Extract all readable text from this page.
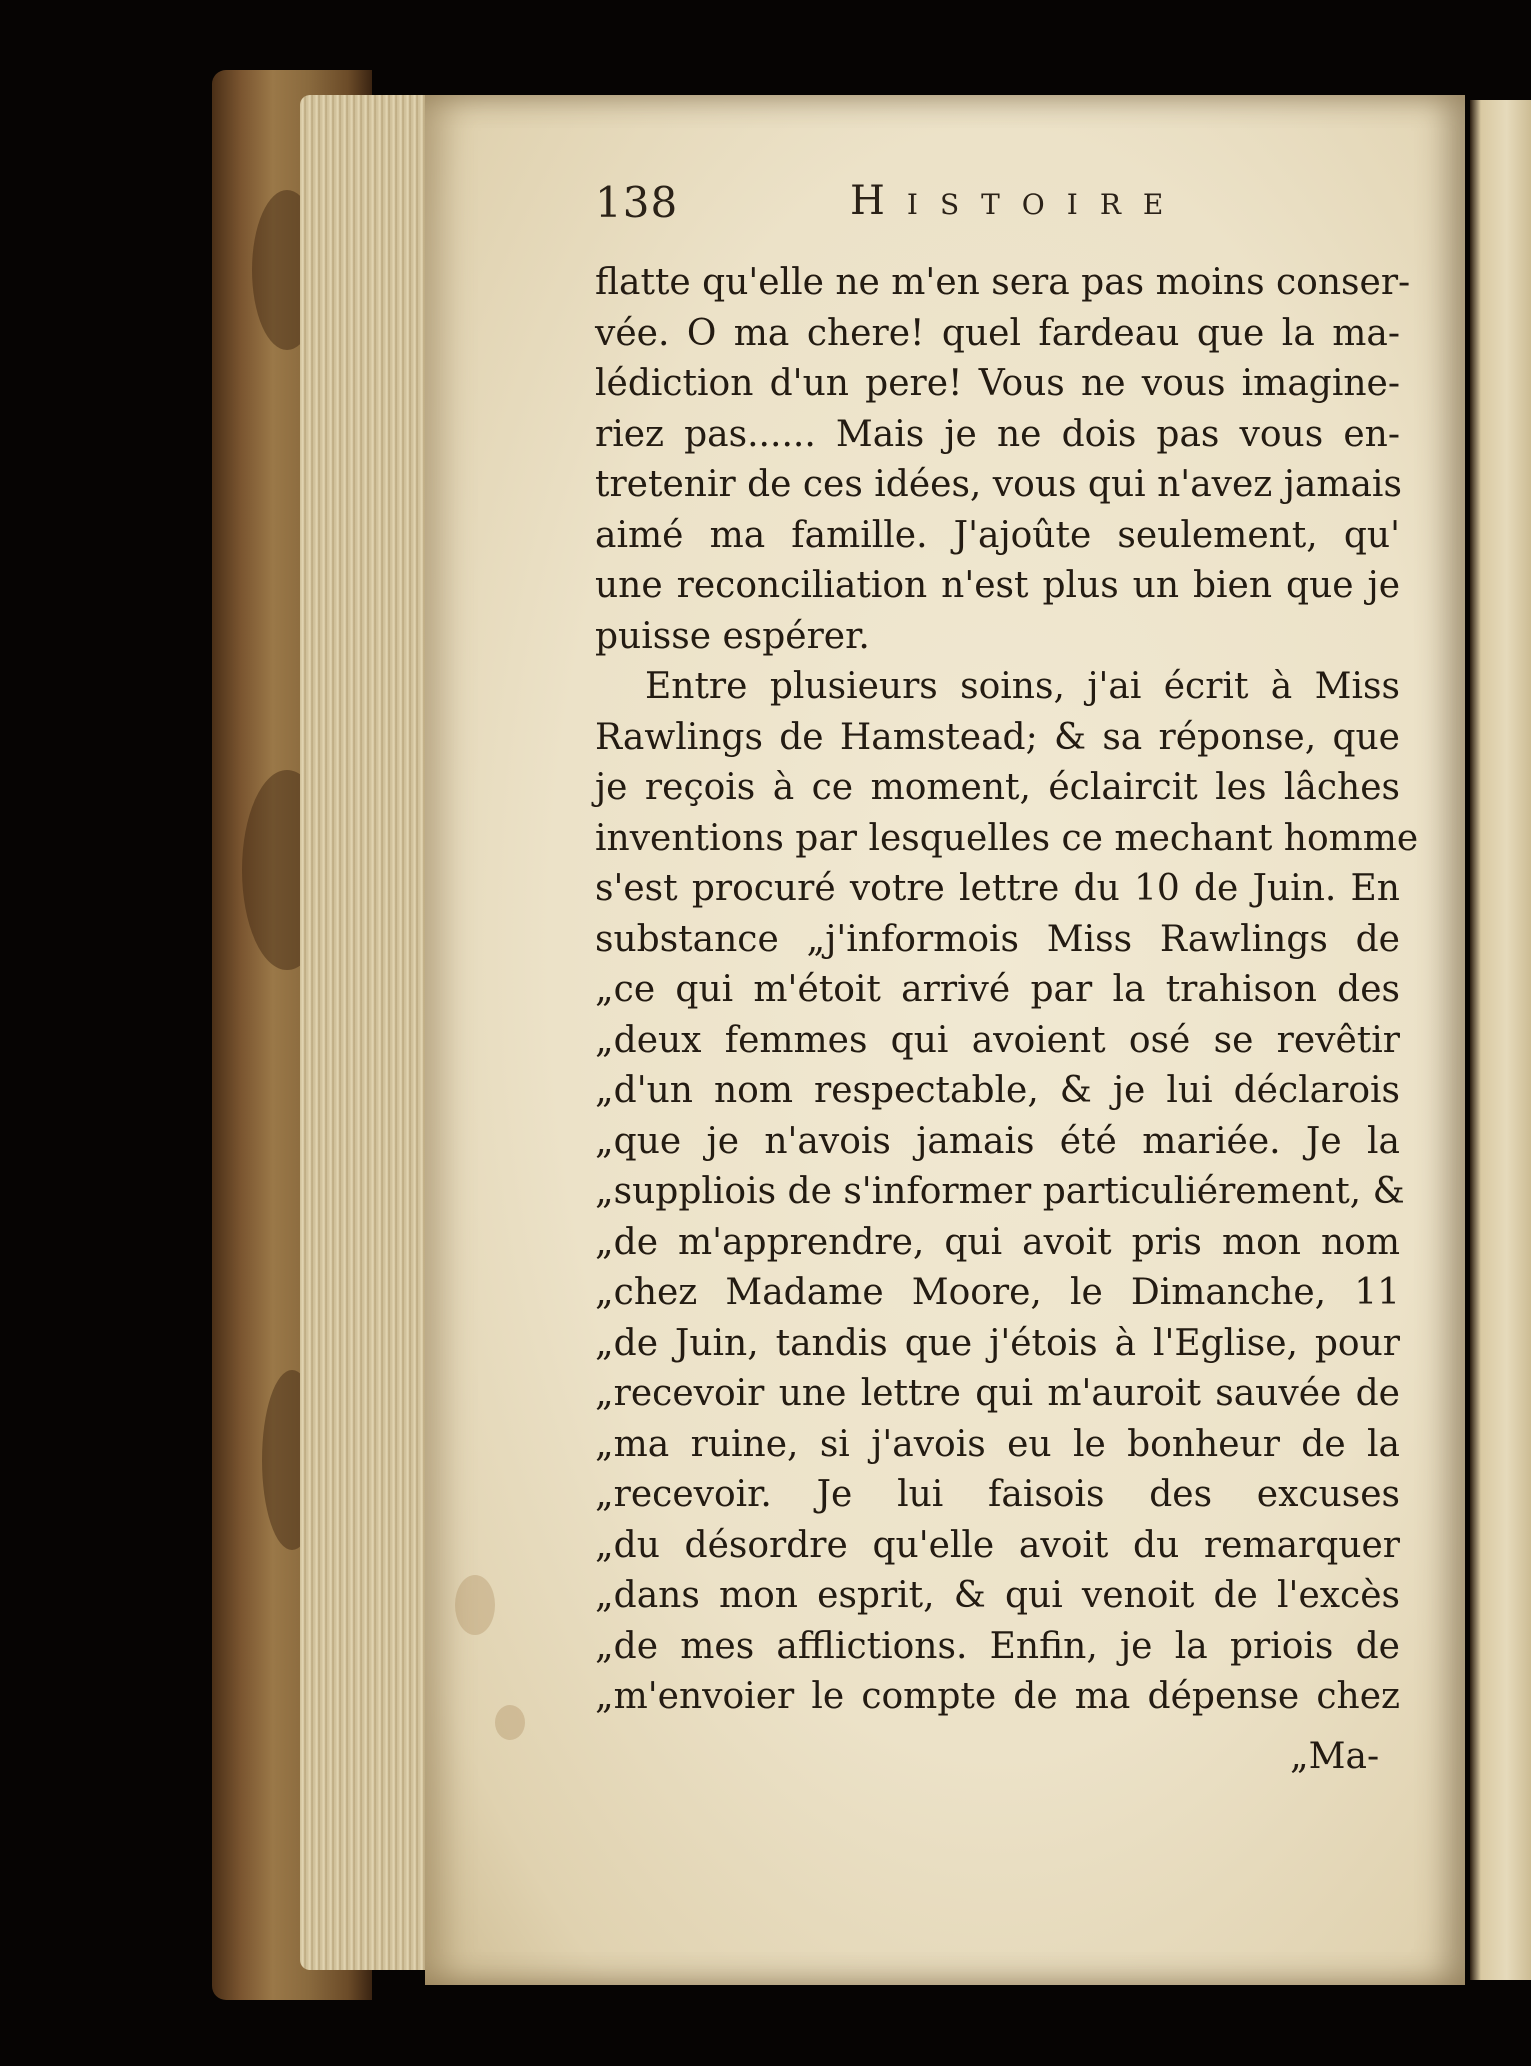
138	Histoire
flatte qu'elle ne m'en sera pas moins conser-
vée. O ma chere! quel fardeau que la ma-
lédiction d'un pere! Vous ne vous imagine-
riez pas...... Mais je ne dois pas vous en-
tretenir de ces idées, vous qui n'avez jamais
aimé ma famille. J'ajoûte seulement, qu'
une reconciliation n'est plus un bien que je
puisse espérer.
Entre plusieurs soins, j'ai écrit à Miss
Rawlings de Hamstead; & sa réponse, que
je reçois à ce moment, éclaircit les lâches
inventions par lesquelles ce mechant homme
s'est procuré votre lettre du 10 de Juin. En
substance „j'informois Miss Rawlings de
„ce qui m'étoit arrivé par la trahison des
„deux femmes qui avoient osé se revêtir
„d'un nom respectable, & je lui déclarois
„que je n'avois jamais été mariée. Je la
„suppliois de s'informer particuliérement, &
„de m'apprendre, qui avoit pris mon nom
„chez Madame Moore, le Dimanche, 11
„de Juin, tandis que j'étois à l'Eglise, pour
„recevoir une lettre qui m'auroit sauvée de
„ma ruine, si j'avois eu le bonheur de la
„recevoir. Je lui faisois des excuses
„du désordre qu'elle avoit du remarquer
„dans mon esprit, & qui venoit de l'excès
„de mes afflictions. Enfin, je la priois de
„m'envoier le compte de ma dépense chez
„Ma-
